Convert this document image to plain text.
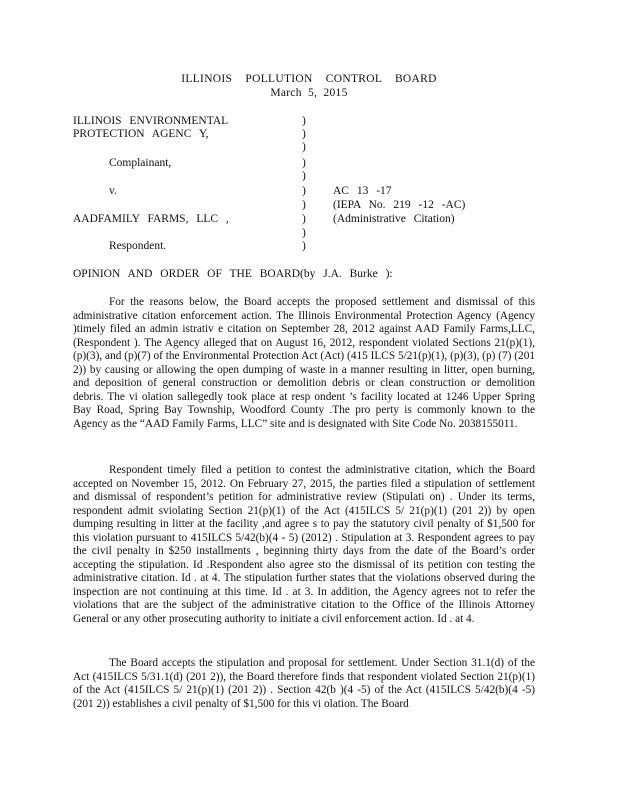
ILLINOIS POLLUTION CONTROL BOARD
March 5, 2015
ILLINOIS ENVIRONMENTAL
PROTECTION AGENC Y,
Complainant,
v.
AADFAMILY FARMS, LLC ,
Respondent.
)
)
)
)
)
)
)
)
)
)
AC 13 -17
(IEPA No. 219 -12 -AC)
(Administrative Citation)
OPINION AND ORDER OF THE BOARD(by J.A. Burke ):

For the reasons below, the Board accepts the proposed settlement and dismissal of this administrative citation enforcement action. The Illinois Environmental Protection Agency (Agency )timely filed an admin istrativ e citation on September 28, 2012 against AAD Family Farms,LLC, (Respondent ). The Agency alleged that on August 16, 2012, respondent violated Sections 21(p)(1), (p)(3), and (p)(7) of the Environmental Protection Act (Act) (415 ILCS 5/21(p)(1), (p)(3), (p) (7) (201 2)) by causing or allowing the open dumping of waste in a manner resulting in litter, open burning, and deposition of general construction or demolition debris or clean construction or demolition debris. The vi olation sallegedly took place at resp ondent ’s facility located at 1246 Upper Spring Bay Road, Spring Bay Township, Woodford County .The pro perty is commonly known to the Agency as the “AAD Family Farms, LLC” site and is designated with Site Code No. 2038155011.

Respondent timely filed a petition to contest the administrative citation, which the Board accepted on November 15, 2012. On February 27, 2015, the parties filed a stipulation of settlement and dismissal of respondent’s petition for administrative review (Stipulati on) . Under its terms, respondent admit sviolating Section 21(p)(1) of the Act (415ILCS 5/ 21(p)(1) (201 2)) by open dumping resulting in litter at the facility ,and agree s to pay the statutory civil penalty of $1,500 for this violation pursuant to 415ILCS 5/42(b)(4 - 5) (2012) . Stipulation at 3. Respondent agrees to pay the civil penalty in $250 installments , beginning thirty days from the date of the Board’s order accepting the stipulation. Id .Respondent also agree sto the dismissal of its petition con testing the administrative citation. Id . at 4. The stipulation further states that the violations observed during the inspection are not continuing at this time. Id . at 3. In addition, the Agency agrees not to refer the violations that are the subject of the administrative citation to the Office of the Illinois Attorney General or any other prosecuting authority to initiate a civil enforcement action. Id . at 4.

The Board accepts the stipulation and proposal for settlement. Under Section 31.1(d) of the Act (415ILCS 5/31.1(d) (201 2)), the Board therefore finds that respondent violated Section 21(p)(1) of the Act (415ILCS 5/ 21(p)(1) (201 2)) . Section 42(b )(4 -5) of the Act (415ILCS 5/42(b)(4 -5) (201 2)) establishes a civil penalty of $1,500 for this vi olation. The Board
